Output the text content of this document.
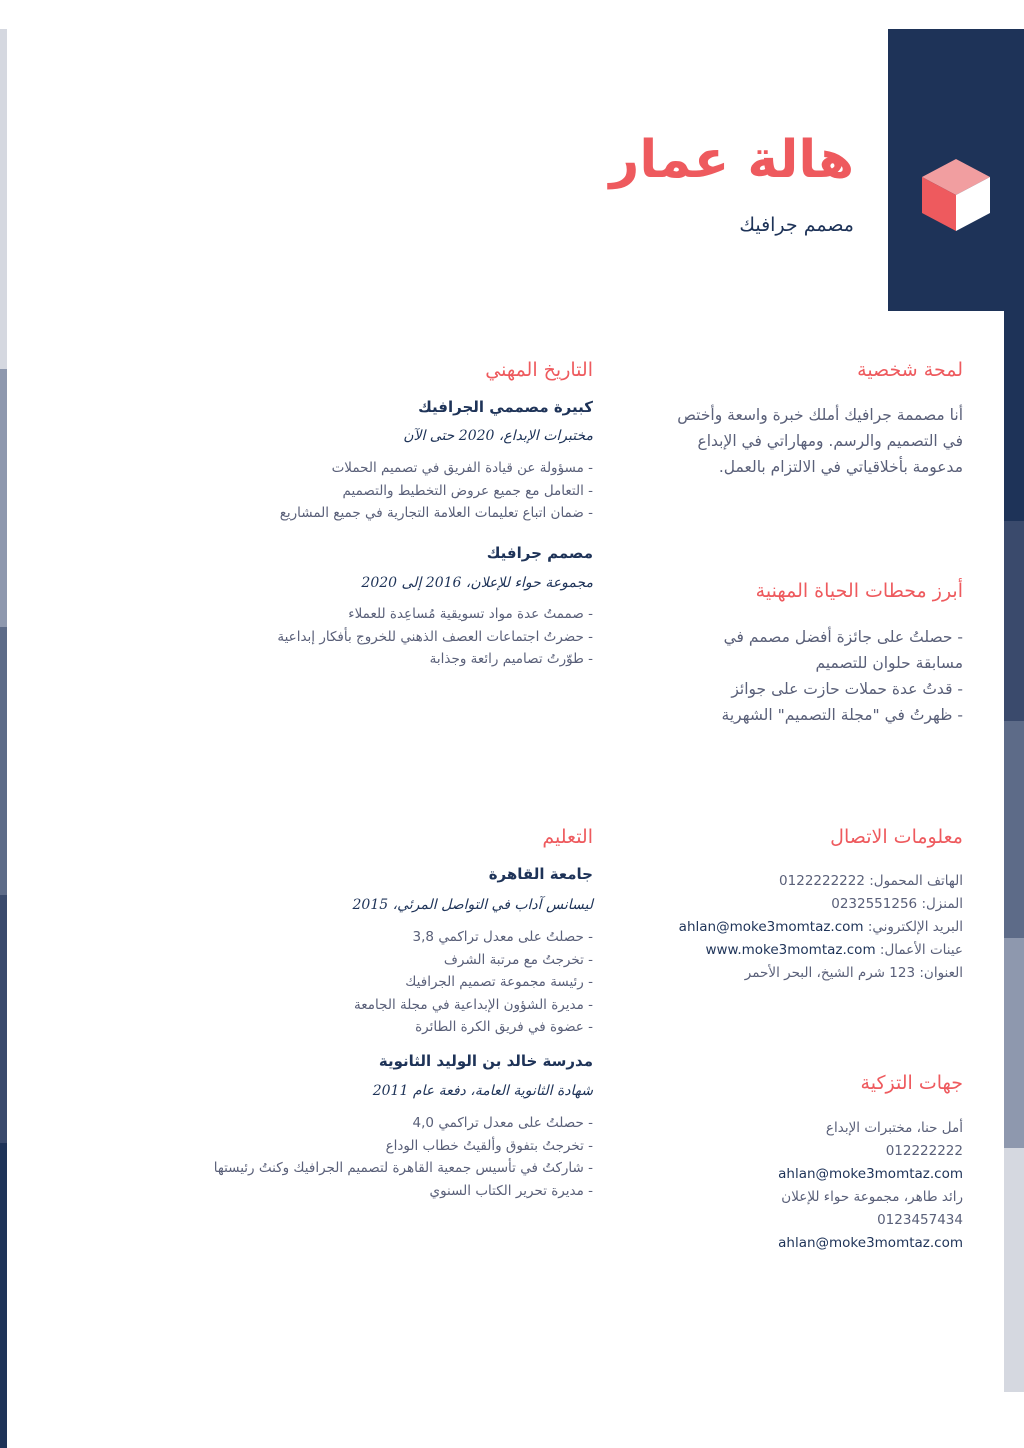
هالة عمار
مصمم جرافيك
لمحة شخصية
أنا مصممة جرافيك أملك خبرة واسعة وأختص في التصميم والرسم. ومهاراتي في الإبداع مدعومة بأخلاقياتي في الالتزام بالعمل.
أبرز محطات الحياة المهنية
- حصلتُ على جائزة أفضل مصمم في
مسابقة حلوان للتصميم
- قدتُ عدة حملات حازت على جوائز
- ظهرتُ في "مجلة التصميم" الشهرية
معلومات الاتصال
الهاتف المحمول: 0122222222
المنزل: 0232551256
البريد الإلكتروني: ahlan@moke3momtaz.com
عينات الأعمال: www.moke3momtaz.com
العنوان: 123 شرم الشيخ، البحر الأحمر
جهات التزكية
أمل حنا، مختبرات الإبداع
012222222
ahlan@moke3momtaz.com
رائد طاهر، مجموعة حواء للإعلان
0123457434
ahlan@moke3momtaz.com
التاريخ المهني
كبيرة مصممي الجرافيك
مختبرات الإبداع، 2020 حتى الآن
- مسؤولة عن قيادة الفريق في تصميم الحملات
- التعامل مع جميع عروض التخطيط والتصميم
- ضمان اتباع تعليمات العلامة التجارية في جميع المشاريع
مصمم جرافيك
مجموعة حواء للإعلان، 2016 إلى 2020
- صممتُ عدة مواد تسويقية مُساعِدة للعملاء
- حضرتُ اجتماعات العصف الذهني للخروج بأفكار إبداعية
- طوّرتُ تصاميم رائعة وجذابة
التعليم
جامعة القاهرة
ليسانس آداب في التواصل المرئي، 2015
- حصلتُ على معدل تراكمي 3,8
- تخرجتُ مع مرتبة الشرف
- رئيسة مجموعة تصميم الجرافيك
- مديرة الشؤون الإبداعية في مجلة الجامعة
- عضوة في فريق الكرة الطائرة
مدرسة خالد بن الوليد الثانوية
شهادة الثانوية العامة، دفعة عام 2011
- حصلتُ على معدل تراكمي 4,0
- تخرجتُ بتفوق وألقيتُ خطاب الوداع
- شاركتُ في تأسيس جمعية القاهرة لتصميم الجرافيك وكنتُ رئيستها
- مديرة تحرير الكتاب السنوي
